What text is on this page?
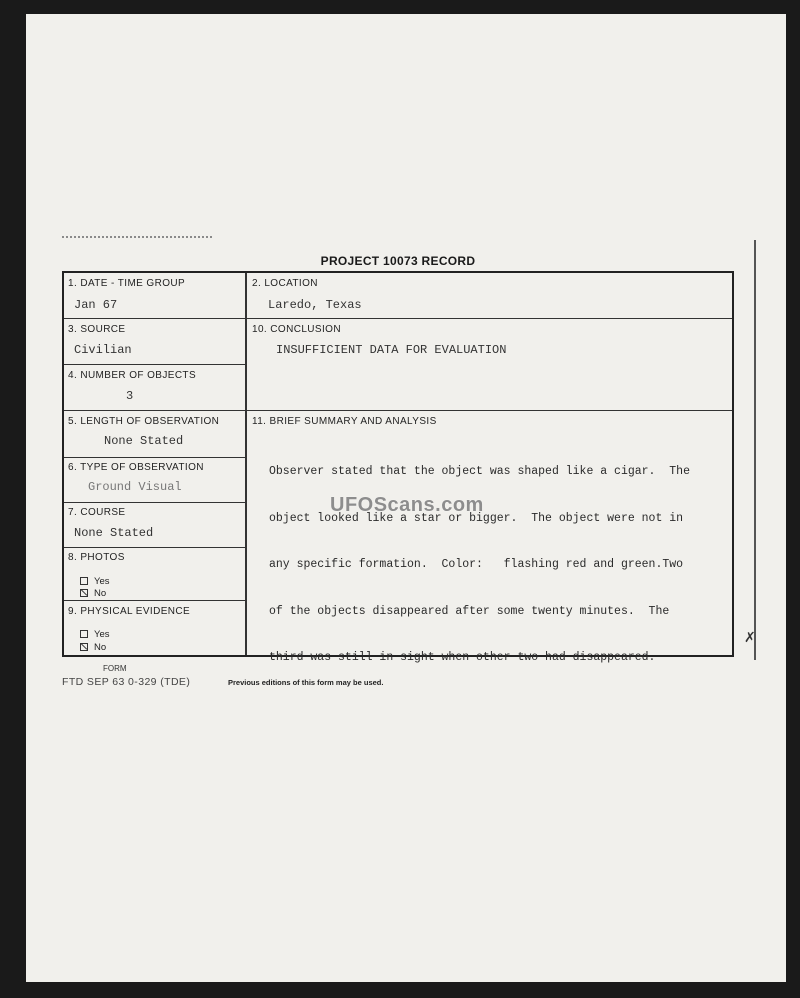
✗
PROJECT 10073 RECORD
1. DATE - TIME GROUP
Jan 67
2. LOCATION
Laredo, Texas
3. SOURCE
Civilian
10. CONCLUSION
INSUFFICIENT DATA FOR EVALUATION
4. NUMBER OF OBJECTS
3
5. LENGTH OF OBSERVATION
None Stated
11. BRIEF SUMMARY AND ANALYSIS

Observer stated that the object was shaped like a cigar.  The

object looked like a star or bigger.  The object were not in

any specific formation.  Color:   flashing red and green.Two

of the objects disappeared after some twenty minutes.  The

third was still in sight when other two had disappeared.

6. TYPE OF OBSERVATION
Ground Visual
7. COURSE
None Stated
8. PHOTOS
Yes
No
9. PHYSICAL EVIDENCE
Yes
No
FORM
FTD SEP 63 0-329 (TDE)	Previous editions of this form may be used.
UFOScans.com
